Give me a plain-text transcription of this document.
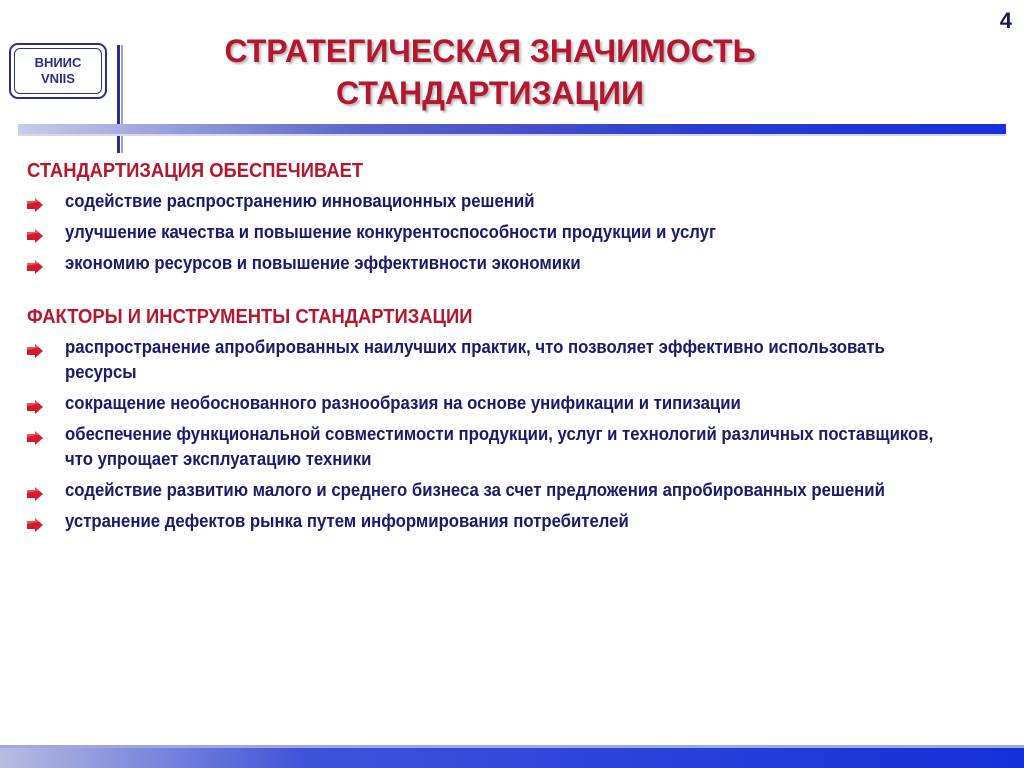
4
ВНИИС
VNIIS
СТРАТЕГИЧЕСКАЯ ЗНАЧИМОСТЬ
СТАНДАРТИЗАЦИИ
СТАНДАРТИЗАЦИЯ ОБЕСПЕЧИВАЕТ
содействие распространению инновационных решений
улучшение качества и повышение конкурентоспособности продукции и услуг
экономию ресурсов и повышение эффективности экономики
ФАКТОРЫ И ИНСТРУМЕНТЫ СТАНДАРТИЗАЦИИ
распространение апробированных наилучших практик, что позволяет эффективно использовать ресурсы
сокращение необоснованного разнообразия на основе унификации и типизации
обеспечение функциональной совместимости продукции, услуг и технологий различных поставщиков, что упрощает эксплуатацию техники
содействие развитию малого и среднего бизнеса за счет предложения апробированных решений
устранение дефектов рынка путем информирования потребителей
